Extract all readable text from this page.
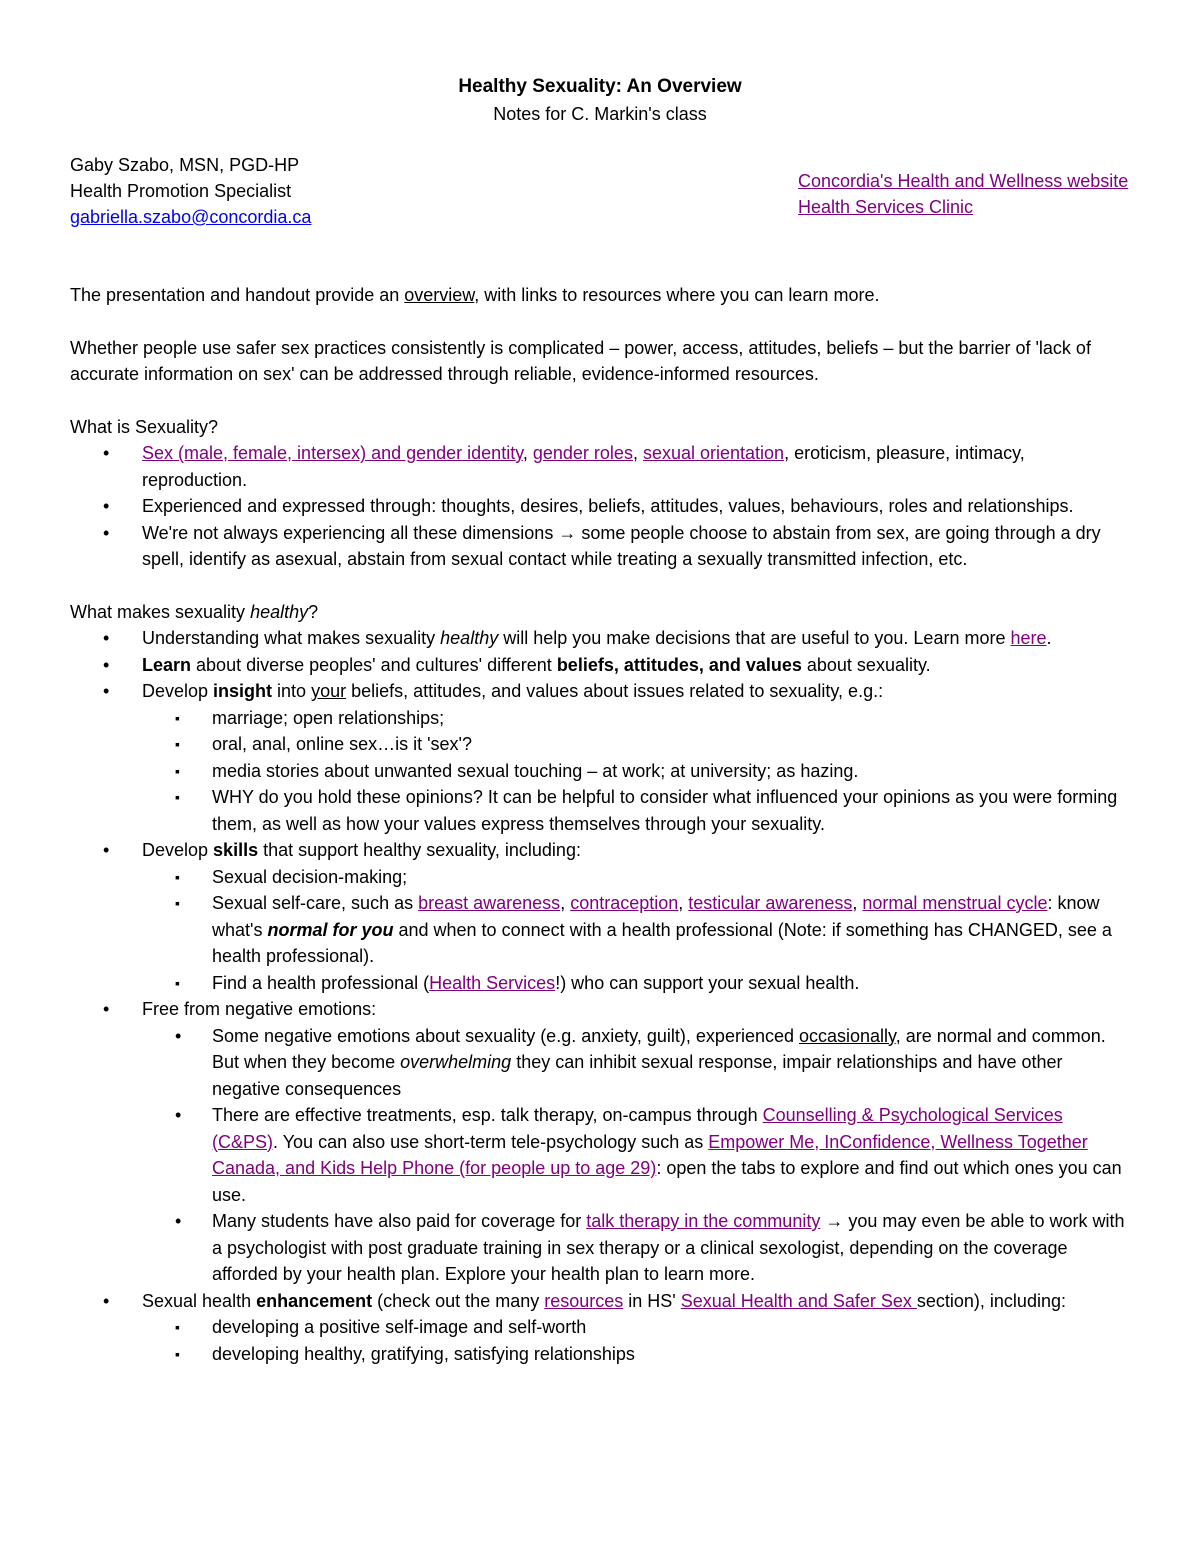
Healthy Sexuality: An Overview
Notes for C. Markin's class
Gaby Szabo, MSN, PGD-HP
Health Promotion Specialist
gabriella.szabo@concordia.ca
Concordia's Health and Wellness website
Health Services Clinic

The presentation and handout provide an overview, with links to resources where you can learn more.

Whether people use safer sex practices consistently is complicated – power, access, attitudes, beliefs – but the barrier of 'lack of accurate information on sex' can be addressed through reliable, evidence-informed resources.

What is Sexuality?

• Sex (male, female, intersex) and gender identity, gender roles, sexual orientation, eroticism, pleasure, intimacy, reproduction.
• Experienced and expressed through: thoughts, desires, beliefs, attitudes, values, behaviours, roles and relationships.
• We're not always experiencing all these dimensions → some people choose to abstain from sex, are going through a dry spell, identify as asexual, abstain from sexual contact while treating a sexually transmitted infection, etc.

What makes sexuality healthy?

• Understanding what makes sexuality healthy will help you make decisions that are useful to you. Learn more here.
• Learn about diverse peoples' and cultures' different beliefs, attitudes, and values about sexuality.
• Develop insight into your beliefs, attitudes, and values about issues related to sexuality, e.g.:
▪ marriage; open relationships;
▪ oral, anal, online sex…is it 'sex'?
▪ media stories about unwanted sexual touching – at work; at university; as hazing.
▪ WHY do you hold these opinions? It can be helpful to consider what influenced your opinions as you were forming them, as well as how your values express themselves through your sexuality.
• Develop skills that support healthy sexuality, including:
▪ Sexual decision-making;
▪ Sexual self-care, such as breast awareness, contraception, testicular awareness, normal menstrual cycle: know what's normal for you and when to connect with a health professional (Note: if something has CHANGED, see a health professional).
▪ Find a health professional (Health Services!) who can support your sexual health.
• Free from negative emotions:
• Some negative emotions about sexuality (e.g. anxiety, guilt), experienced occasionally, are normal and common. But when they become overwhelming they can inhibit sexual response, impair relationships and have other negative consequences
• There are effective treatments, esp. talk therapy, on-campus through Counselling & Psychological Services (C&PS). You can also use short-term tele-psychology such as Empower Me, InConfidence, Wellness Together Canada, and Kids Help Phone (for people up to age 29): open the tabs to explore and find out which ones you can use.
• Many students have also paid for coverage for talk therapy in the community → you may even be able to work with a psychologist with post graduate training in sex therapy or a clinical sexologist, depending on the coverage afforded by your health plan. Explore your health plan to learn more.
• Sexual health enhancement (check out the many resources in HS' Sexual Health and Safer Sex section), including:
▪ developing a positive self-image and self-worth
▪ developing healthy, gratifying, satisfying relationships
